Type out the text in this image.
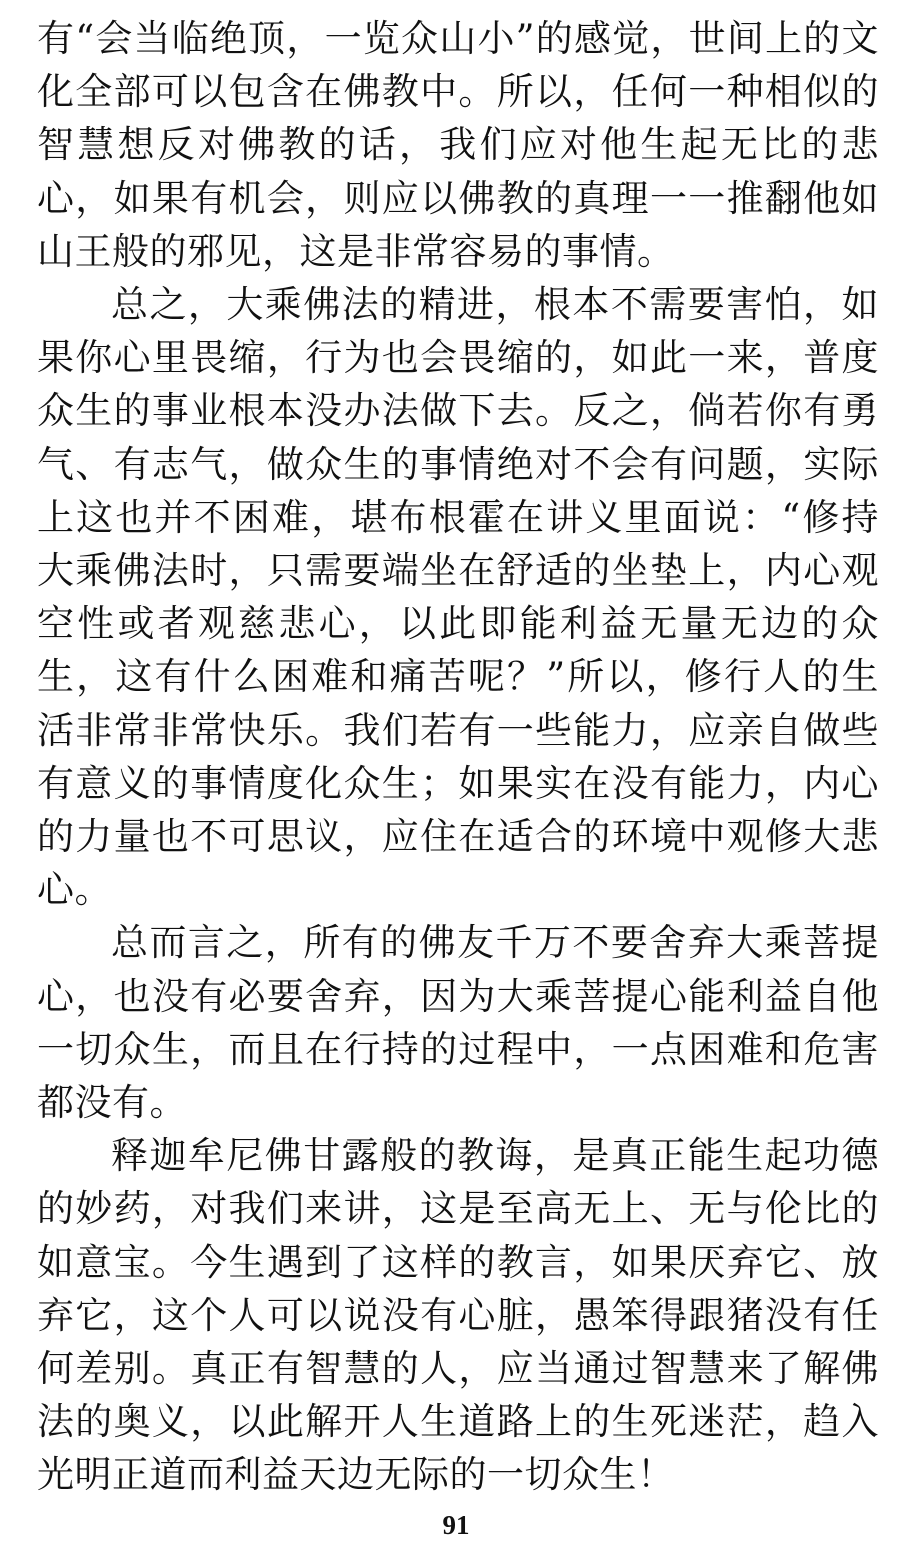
有“会当临绝顶，一览众山小”的感觉，世间上的文化全部可以包含在佛教中。所以，任何一种相似的智慧想反对佛教的话，我们应对他生起无比的悲心，如果有机会，则应以佛教的真理一一推翻他如山王般的邪见，这是非常容易的事情。

总之，大乘佛法的精进，根本不需要害怕，如果你心里畏缩，行为也会畏缩的，如此一来，普度众生的事业根本没办法做下去。反之，倘若你有勇气、有志气，做众生的事情绝对不会有问题，实际上这也并不困难，堪布根霍在讲义里面说：“修持大乘佛法时，只需要端坐在舒适的坐垫上，内心观空性或者观慈悲心，以此即能利益无量无边的众生，这有什么困难和痛苦呢？”所以，修行人的生活非常非常快乐。我们若有一些能力，应亲自做些有意义的事情度化众生；如果实在没有能力，内心的力量也不可思议，应住在适合的环境中观修大悲心。

总而言之，所有的佛友千万不要舍弃大乘菩提心，也没有必要舍弃，因为大乘菩提心能利益自他一切众生，而且在行持的过程中，一点困难和危害都没有。

释迦牟尼佛甘露般的教诲，是真正能生起功德的妙药，对我们来讲，这是至高无上、无与伦比的如意宝。今生遇到了这样的教言，如果厌弃它、放弃它，这个人可以说没有心脏，愚笨得跟猪没有任何差别。真正有智慧的人，应当通过智慧来了解佛法的奥义，以此解开人生道路上的生死迷茫，趋入光明正道而利益天边无际的一切众生！

91
